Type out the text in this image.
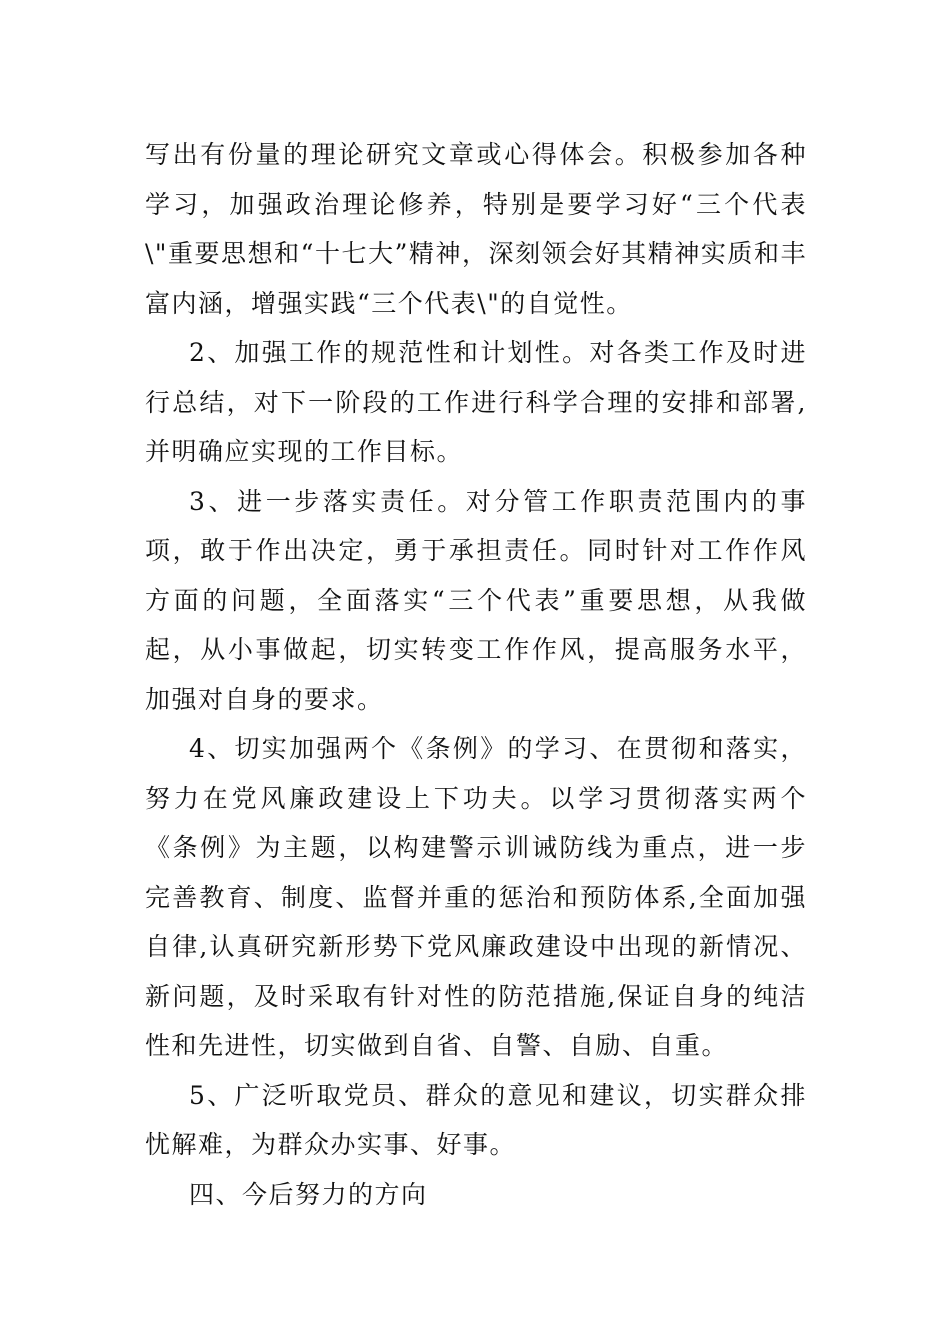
写出有份量的理论研究文章或心得体会。积极参加各种学习，加强政治理论修养，特别是要学习好“三个代表\"重要思想和“十七大”精神，深刻领会好其精神实质和丰富内涵，增强实践“三个代表\"的自觉性。

2、加强工作的规范性和计划性。对各类工作及时进行总结，对下一阶段的工作进行科学合理的安排和部署,并明确应实现的工作目标。

3、进一步落实责任。对分管工作职责范围内的事项，敢于作出决定，勇于承担责任。同时针对工作作风方面的问题，全面落实“三个代表”重要思想，从我做起，从小事做起，切实转变工作作风，提高服务水平，加强对自身的要求。

4、切实加强两个《条例》的学习、在贯彻和落实，努力在党风廉政建设上下功夫。以学习贯彻落实两个《条例》为主题，以构建警示训诫防线为重点，进一步完善教育、制度、监督并重的惩治和预防体系,全面加强自律,认真研究新形势下党风廉政建设中出现的新情况、新问题，及时采取有针对性的防范措施,保证自身的纯洁性和先进性，切实做到自省、自警、自励、自重。

5、广泛听取党员、群众的意见和建议，切实群众排忧解难，为群众办实事、好事。

四、今后努力的方向
